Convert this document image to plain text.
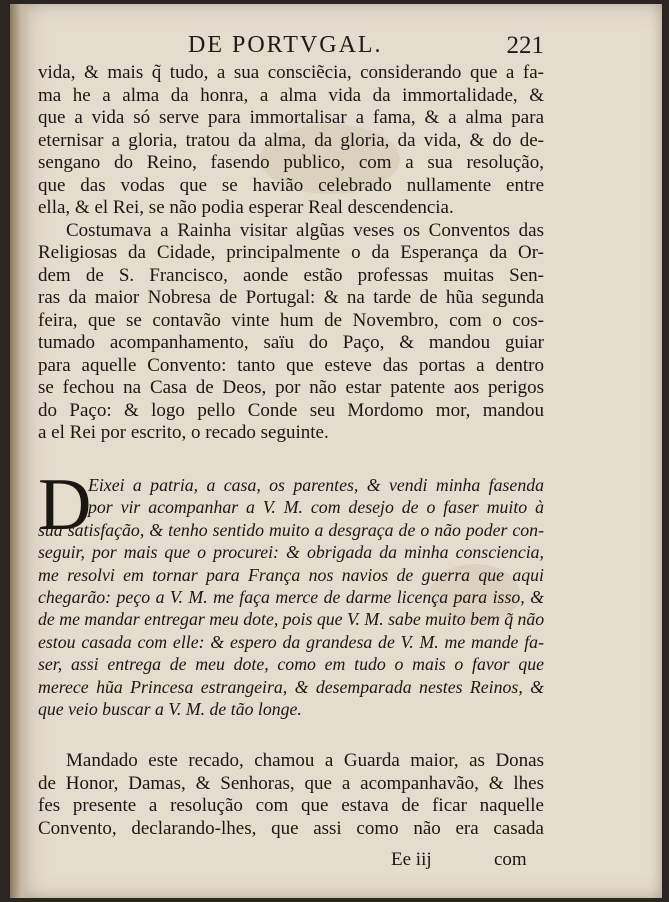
DE PORTVGAL.	221
vida, & mais q̃ tudo, a sua consciẽcia, considerando que a fa-
ma he a alma da honra, a alma vida da immortalidade, &
que a vida só serve para immortalisar a fama, & a alma para
eternisar a gloria, tratou da alma, da gloria, da vida, & do de-
sengano do Reino, fasendo publico, com a sua resolução,
que das vodas que se havião celebrado nullamente entre
ella, & el Rei, se não podia esperar Real descendencia.
Costumava a Rainha visitar algũas veses os Conventos das
Religiosas da Cidade, principalmente o da Esperança da Or-
dem de S. Francisco, aonde estão professas muitas Sen-
ras da maior Nobresa de Portugal: & na tarde de hũa segunda
feira, que se contavão vinte hum de Novembro, com o cos-
tumado acompanhamento, saïu do Paço, & mandou guiar
para aquelle Convento: tanto que esteve das portas a dentro
se fechou na Casa de Deos, por não estar patente aos perigos
do Paço: & logo pello Conde seu Mordomo mor, mandou
a el Rei por escrito, o recado seguinte.
D
Eixei a patria, a casa, os parentes, & vendi minha fasenda
por vir acompanhar a V. M. com desejo de o faser muito à
sua satisfação, & tenho sentido muito a desgraça de o não poder con-
seguir, por mais que o procurei: & obrigada da minha consciencia,
me resolvi em tornar para França nos navios de guerra que aqui
chegarão: peço a V. M. me faça merce de darme licença para isso, &
de me mandar entregar meu dote, pois que V. M. sabe muito bem q̃ não
estou casada com elle: & espero da grandesa de V. M. me mande fa-
ser, assi entrega de meu dote, como em tudo o mais o favor que
merece hũa Princesa estrangeira, & desemparada nestes Reinos, &
que veio buscar a V. M. de tão longe.
Mandado este recado, chamou a Guarda maior, as Donas
de Honor, Damas, & Senhoras, que a acompanhavão, & lhes
fes presente a resolução com que estava de ficar naquelle
Convento, declarando-lhes, que assi como não era casada
Ee iij	com
